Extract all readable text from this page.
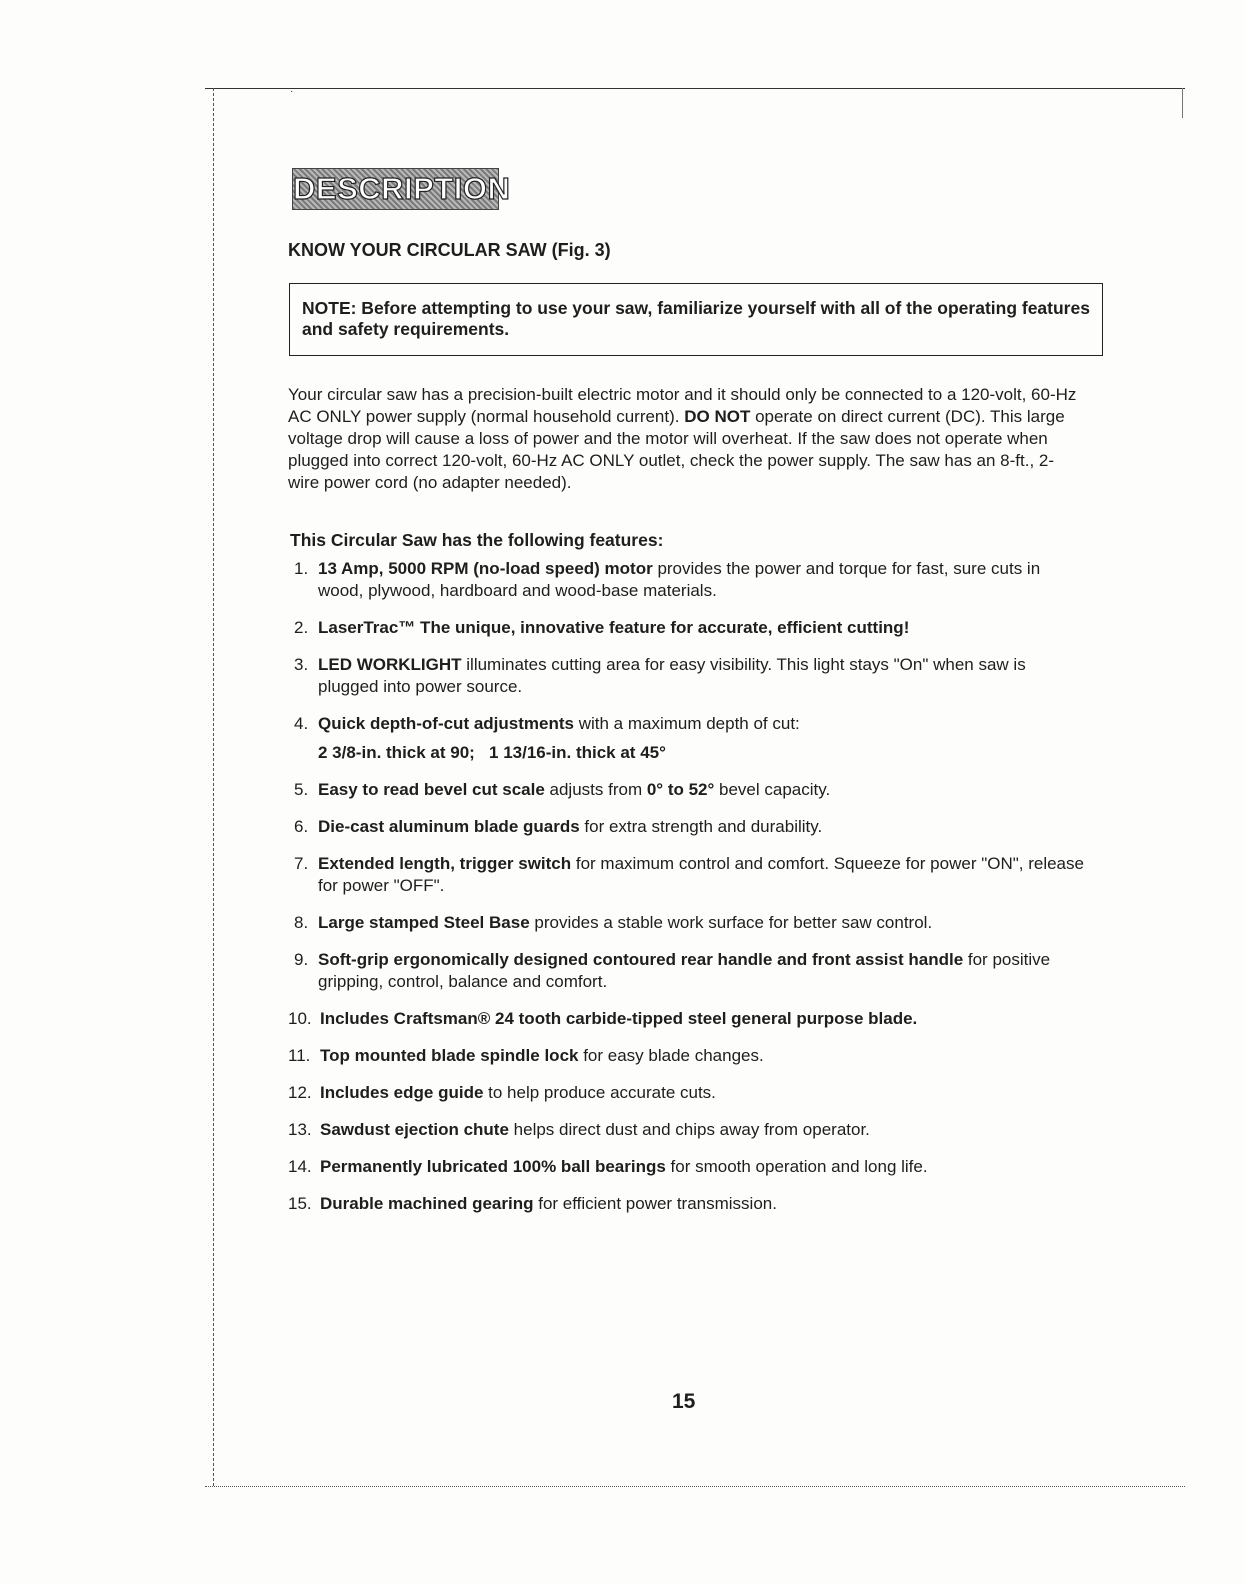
·
DESCRIPTION
KNOW YOUR CIRCULAR SAW (Fig. 3)
NOTE: Before attempting to use your saw, familiarize yourself with all of the operating features and safety requirements.

Your circular saw has a precision-built electric motor and it should only be connected to a 120-volt, 60-Hz AC ONLY power supply (normal household current). DO NOT operate on direct current (DC). This large voltage drop will cause a loss of power and the motor will overheat. If the saw does not operate when plugged into correct 120-volt, 60-Hz AC ONLY outlet, check the power supply. The saw has an 8-ft., 2-wire power cord (no adapter needed).

This Circular Saw has the following features:
1. 13 Amp, 5000 RPM (no-load speed) motor provides the power and torque for fast, sure cuts in wood, plywood, hardboard and wood-base materials.
2. LaserTrac™ The unique, innovative feature for accurate, efficient cutting!
3. LED WORKLIGHT illuminates cutting area for easy visibility. This light stays "On" when saw is plugged into power source.
4. Quick depth-of-cut adjustments with a maximum depth of cut:
2 3/8-in. thick at 90; 1 13/16-in. thick at 45°
5. Easy to read bevel cut scale adjusts from 0° to 52° bevel capacity.
6. Die-cast aluminum blade guards for extra strength and durability.
7. Extended length, trigger switch for maximum control and comfort. Squeeze for power "ON", release for power "OFF".
8. Large stamped Steel Base provides a stable work surface for better saw control.
9. Soft-grip ergonomically designed contoured rear handle and front assist handle for positive gripping, control, balance and comfort.
10. Includes Craftsman® 24 tooth carbide-tipped steel general purpose blade.
11. Top mounted blade spindle lock for easy blade changes.
12. Includes edge guide to help produce accurate cuts.
13. Sawdust ejection chute helps direct dust and chips away from operator.
14. Permanently lubricated 100% ball bearings for smooth operation and long life.
15. Durable machined gearing for efficient power transmission.
15
